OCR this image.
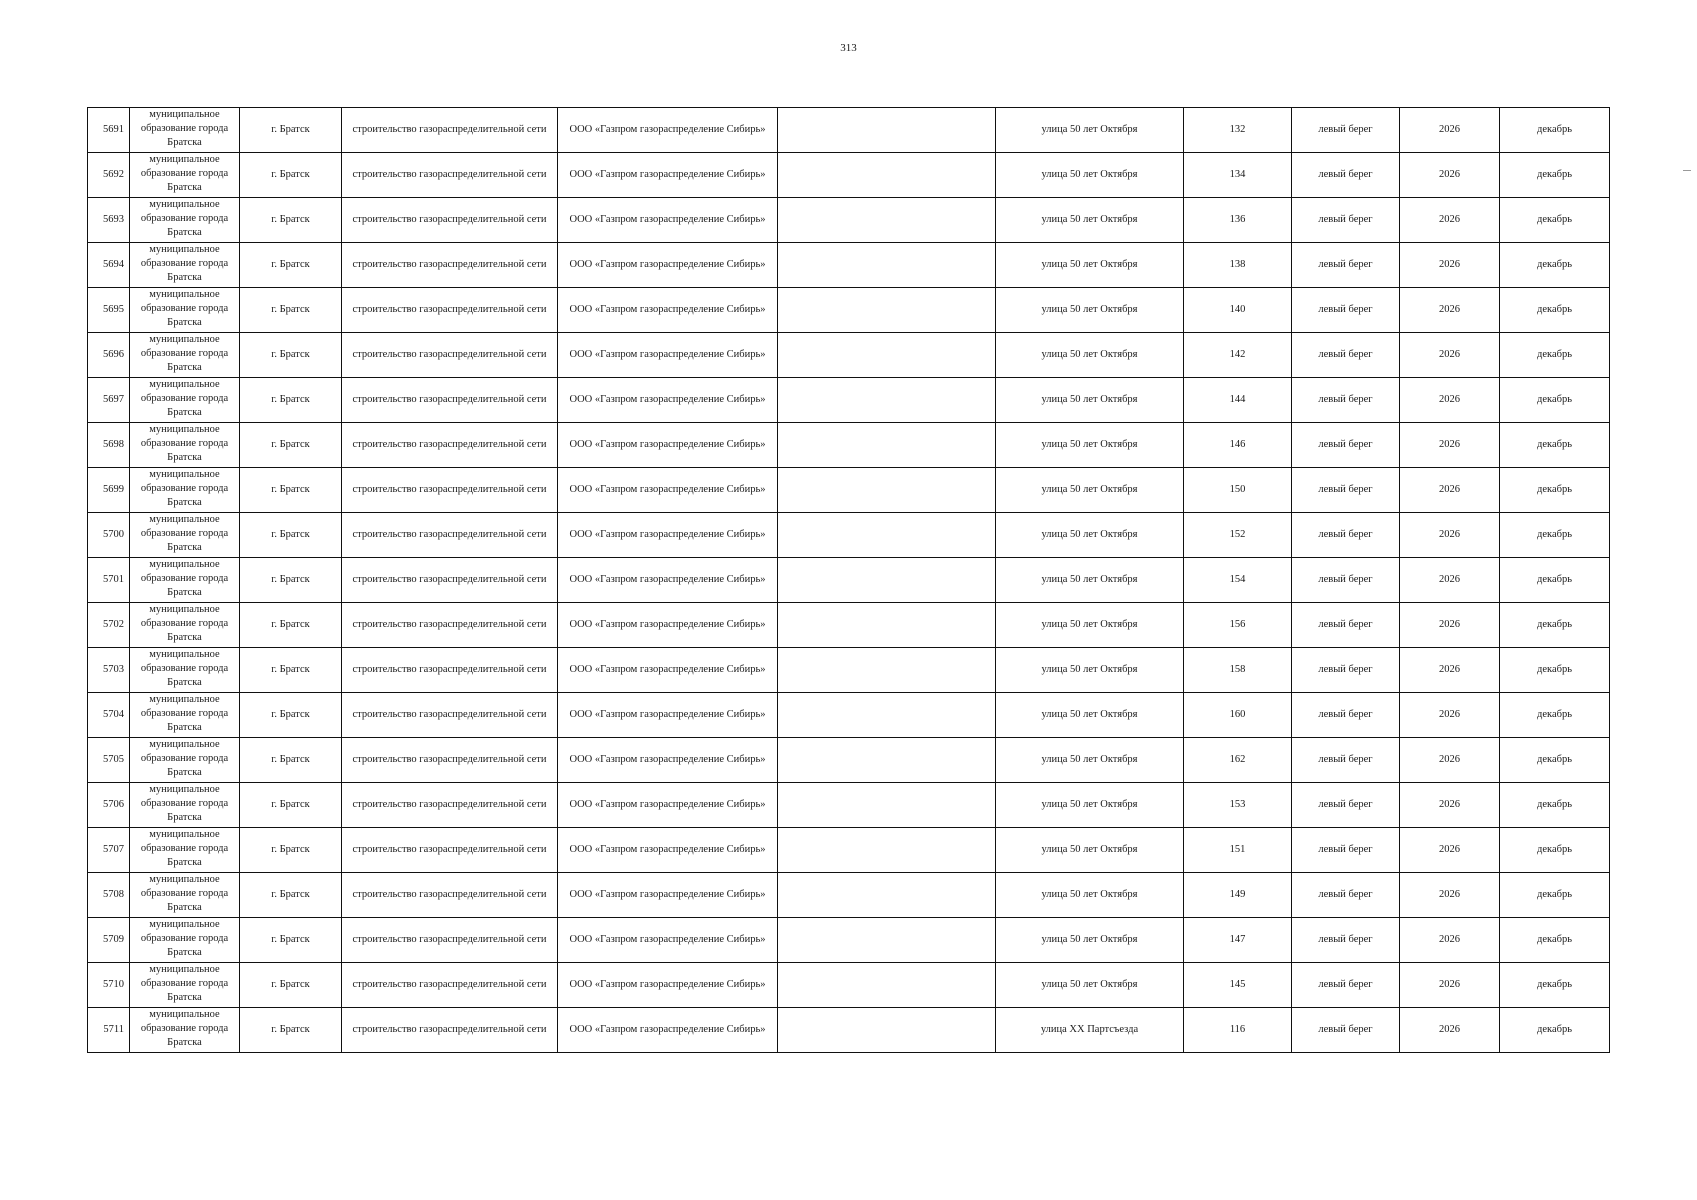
313
5691	муниципальное образование города Братска	г. Братск	строительство газораспределительной сети	ООО «Газпром газораспределение Сибирь»		улица 50 лет Октября	132	левый берег	2026	декабрь
5692	муниципальное образование города Братска	г. Братск	строительство газораспределительной сети	ООО «Газпром газораспределение Сибирь»		улица 50 лет Октября	134	левый берег	2026	декабрь
5693	муниципальное образование города Братска	г. Братск	строительство газораспределительной сети	ООО «Газпром газораспределение Сибирь»		улица 50 лет Октября	136	левый берег	2026	декабрь
5694	муниципальное образование города Братска	г. Братск	строительство газораспределительной сети	ООО «Газпром газораспределение Сибирь»		улица 50 лет Октября	138	левый берег	2026	декабрь
5695	муниципальное образование города Братска	г. Братск	строительство газораспределительной сети	ООО «Газпром газораспределение Сибирь»		улица 50 лет Октября	140	левый берег	2026	декабрь
5696	муниципальное образование города Братска	г. Братск	строительство газораспределительной сети	ООО «Газпром газораспределение Сибирь»		улица 50 лет Октября	142	левый берег	2026	декабрь
5697	муниципальное образование города Братска	г. Братск	строительство газораспределительной сети	ООО «Газпром газораспределение Сибирь»		улица 50 лет Октября	144	левый берег	2026	декабрь
5698	муниципальное образование города Братска	г. Братск	строительство газораспределительной сети	ООО «Газпром газораспределение Сибирь»		улица 50 лет Октября	146	левый берег	2026	декабрь
5699	муниципальное образование города Братска	г. Братск	строительство газораспределительной сети	ООО «Газпром газораспределение Сибирь»		улица 50 лет Октября	150	левый берег	2026	декабрь
5700	муниципальное образование города Братска	г. Братск	строительство газораспределительной сети	ООО «Газпром газораспределение Сибирь»		улица 50 лет Октября	152	левый берег	2026	декабрь
5701	муниципальное образование города Братска	г. Братск	строительство газораспределительной сети	ООО «Газпром газораспределение Сибирь»		улица 50 лет Октября	154	левый берег	2026	декабрь
5702	муниципальное образование города Братска	г. Братск	строительство газораспределительной сети	ООО «Газпром газораспределение Сибирь»		улица 50 лет Октября	156	левый берег	2026	декабрь
5703	муниципальное образование города Братска	г. Братск	строительство газораспределительной сети	ООО «Газпром газораспределение Сибирь»		улица 50 лет Октября	158	левый берег	2026	декабрь
5704	муниципальное образование города Братска	г. Братск	строительство газораспределительной сети	ООО «Газпром газораспределение Сибирь»		улица 50 лет Октября	160	левый берег	2026	декабрь
5705	муниципальное образование города Братска	г. Братск	строительство газораспределительной сети	ООО «Газпром газораспределение Сибирь»		улица 50 лет Октября	162	левый берег	2026	декабрь
5706	муниципальное образование города Братска	г. Братск	строительство газораспределительной сети	ООО «Газпром газораспределение Сибирь»		улица 50 лет Октября	153	левый берег	2026	декабрь
5707	муниципальное образование города Братска	г. Братск	строительство газораспределительной сети	ООО «Газпром газораспределение Сибирь»		улица 50 лет Октября	151	левый берег	2026	декабрь
5708	муниципальное образование города Братска	г. Братск	строительство газораспределительной сети	ООО «Газпром газораспределение Сибирь»		улица 50 лет Октября	149	левый берег	2026	декабрь
5709	муниципальное образование города Братска	г. Братск	строительство газораспределительной сети	ООО «Газпром газораспределение Сибирь»		улица 50 лет Октября	147	левый берег	2026	декабрь
5710	муниципальное образование города Братска	г. Братск	строительство газораспределительной сети	ООО «Газпром газораспределение Сибирь»		улица 50 лет Октября	145	левый берег	2026	декабрь
5711	муниципальное образование города Братска	г. Братск	строительство газораспределительной сети	ООО «Газпром газораспределение Сибирь»		улица XX Партсъезда	116	левый берег	2026	декабрь
